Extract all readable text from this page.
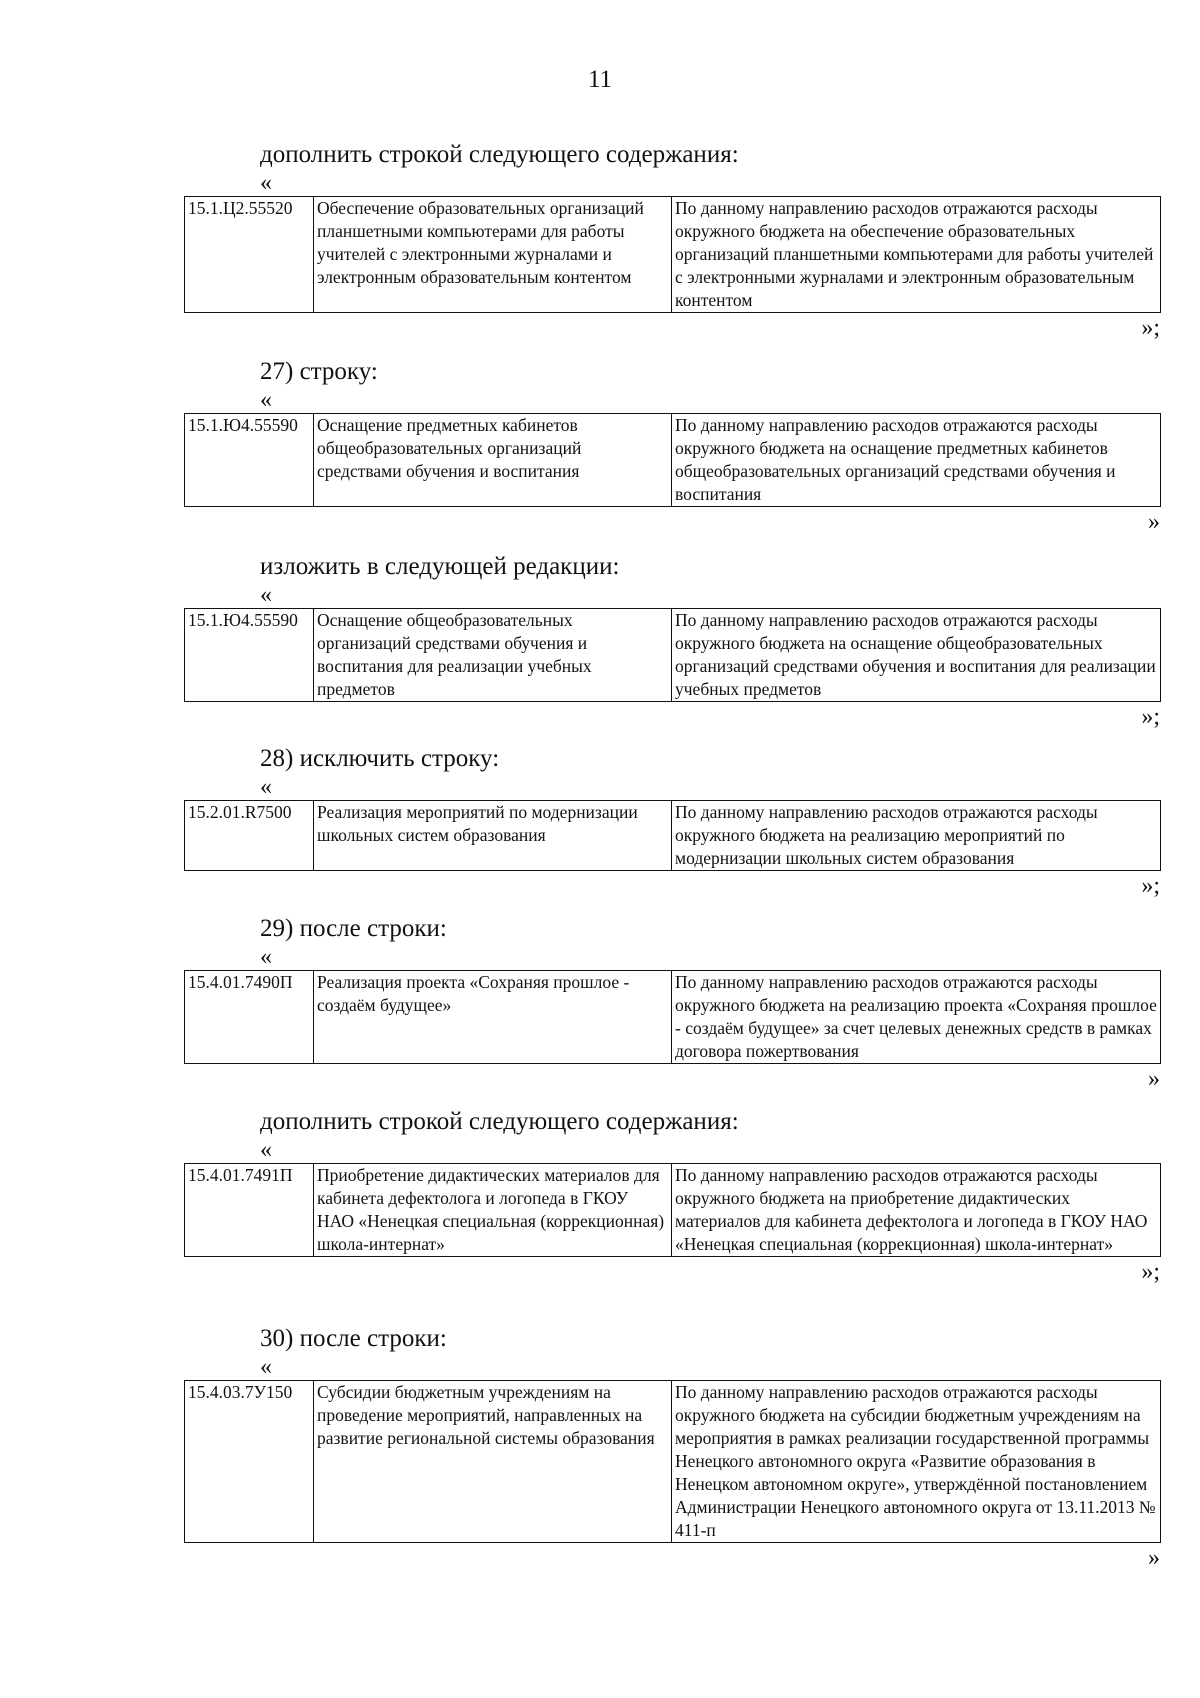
11
дополнить строкой следующего содержания:
«
15.1.Ц2.55520	Обеспечение образовательных организаций планшетными компьютерами для работы учителей с электронными журналами и электронным образовательным контентом	По данному направлению расходов отражаются расходы окружного бюджета на обеспечение образовательных организаций планшетными компьютерами для работы учителей с электронными журналами и электронным образовательным контентом
»;
27) строку:
«
15.1.Ю4.55590	Оснащение предметных кабинетов общеобразовательных организаций средствами обучения и воспитания	По данному направлению расходов отражаются расходы окружного бюджета на оснащение предметных кабинетов общеобразовательных организаций средствами обучения и воспитания
»
изложить в следующей редакции:
«
15.1.Ю4.55590	Оснащение общеобразовательных организаций средствами обучения и воспитания для реализации учебных предметов	По данному направлению расходов отражаются расходы окружного бюджета на оснащение общеобразовательных организаций средствами обучения и воспитания для реализации учебных предметов
»;
28) исключить строку:
«
15.2.01.R7500	Реализация мероприятий по модернизации школьных систем образования	По данному направлению расходов отражаются расходы окружного бюджета на реализацию мероприятий по модернизации школьных систем образования
»;
29) после строки:
«
15.4.01.7490П	Реализация проекта «Сохраняя прошлое - создаём будущее»	По данному направлению расходов отражаются расходы окружного бюджета на реализацию проекта «Сохраняя прошлое - создаём будущее» за счет целевых денежных средств в рамках договора пожертвования
»
дополнить строкой следующего содержания:
«
15.4.01.7491П	Приобретение дидактических материалов для кабинета дефектолога и логопеда в ГКОУ НАО «Ненецкая специальная (коррекционная) школа-интернат»	По данному направлению расходов отражаются расходы окружного бюджета на приобретение дидактических материалов для кабинета дефектолога и логопеда в ГКОУ НАО «Ненецкая специальная (коррекционная) школа-интернат»
»;
30) после строки:
«
15.4.03.7У150	Субсидии бюджетным учреждениям на проведение мероприятий, направленных на развитие региональной системы образования	По данному направлению расходов отражаются расходы окружного бюджета на субсидии бюджетным учреждениям на мероприятия в рамках реализации государственной программы Ненецкого автономного округа «Развитие образования в Ненецком автономном округе», утверждённой постановлением Администрации Ненецкого автономного округа от 13.11.2013 № 411-п
»
